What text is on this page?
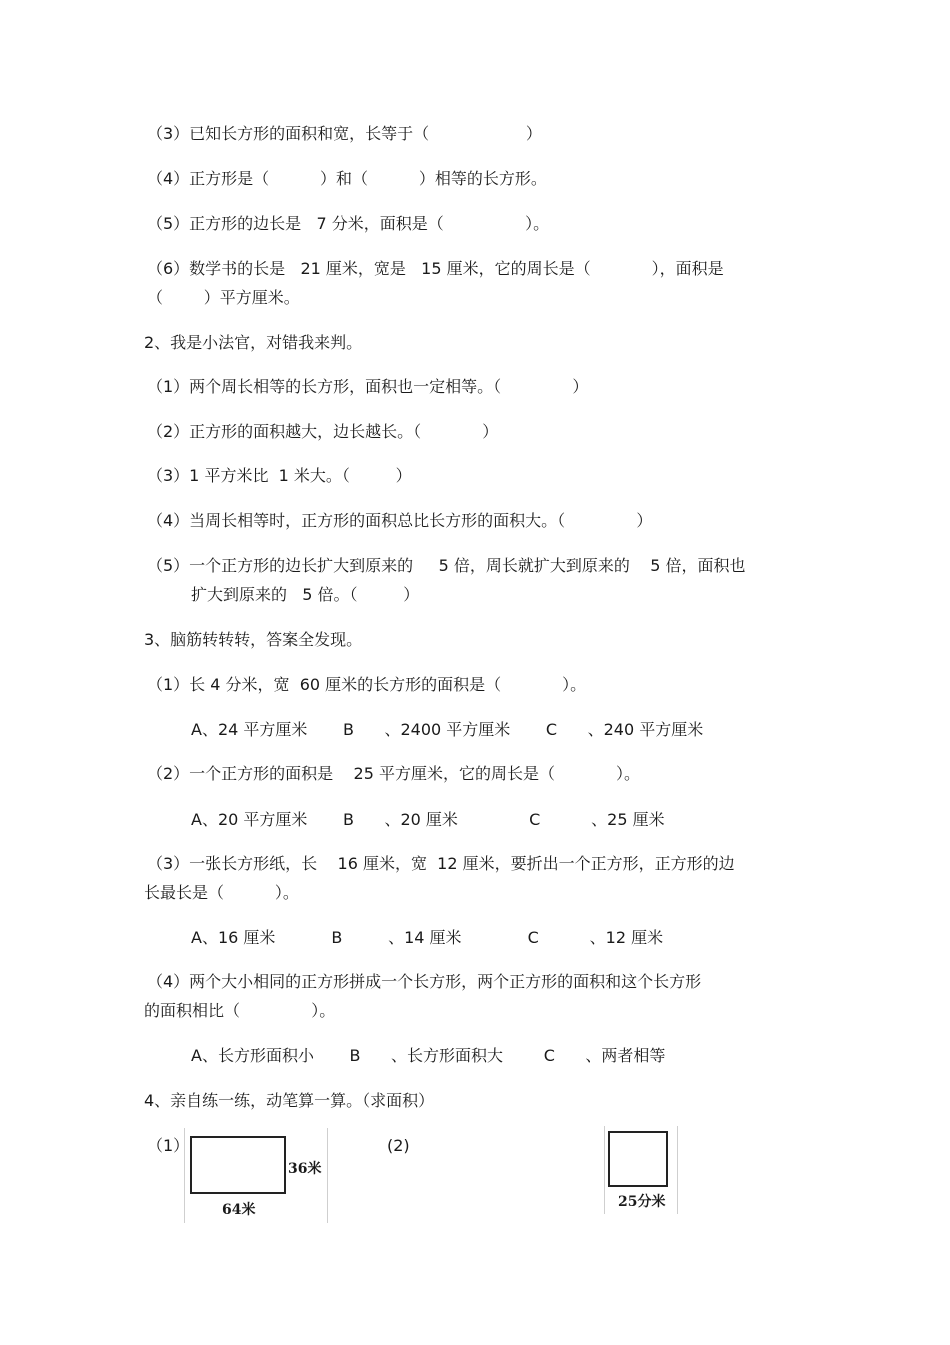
（3）已知长方形的面积和宽，长等于（                   ）
（4）正方形是（          ）和（          ）相等的长方形。
（5）正方形的边长是   7 分米，面积是（                ）。
（6）数学书的长是   21 厘米，宽是   15 厘米，它的周长是（            ），面积是
（        ）平方厘米。
2、我是小法官，对错我来判。
（1）两个周长相等的长方形，面积也一定相等。（              ）
（2）正方形的面积越大，边长越长。（            ）
（3）1 平方米比  1 米大。（         ）
（4）当周长相等时，正方形的面积总比长方形的面积大。（              ）
（5）一个正方形的边长扩大到原来的     5 倍，周长就扩大到原来的    5 倍，面积也
扩大到原来的   5 倍。（         ）
3、脑筋转转转，答案全发现。
（1）长 4 分米，宽  60 厘米的长方形的面积是（            ）。
A、24 平方厘米       B      、2400 平方厘米       C      、240 平方厘米
（2）一个正方形的面积是    25 平方厘米，它的周长是（            ）。
A、20 平方厘米       B      、20 厘米              C          、25 厘米
（3）一张长方形纸，长    16 厘米，宽  12 厘米，要折出一个正方形，正方形的边
长最长是（          ）。
A、16 厘米           B         、14 厘米             C          、12 厘米
（4）两个大小相同的正方形拼成一个长方形，两个正方形的面积和这个长方形
的面积相比（              ）。
A、长方形面积小       B      、长方形面积大        C      、两者相等
4、亲自练一练，动笔算一算。（求面积）
（1）
36米
64米
(2)
25分米
